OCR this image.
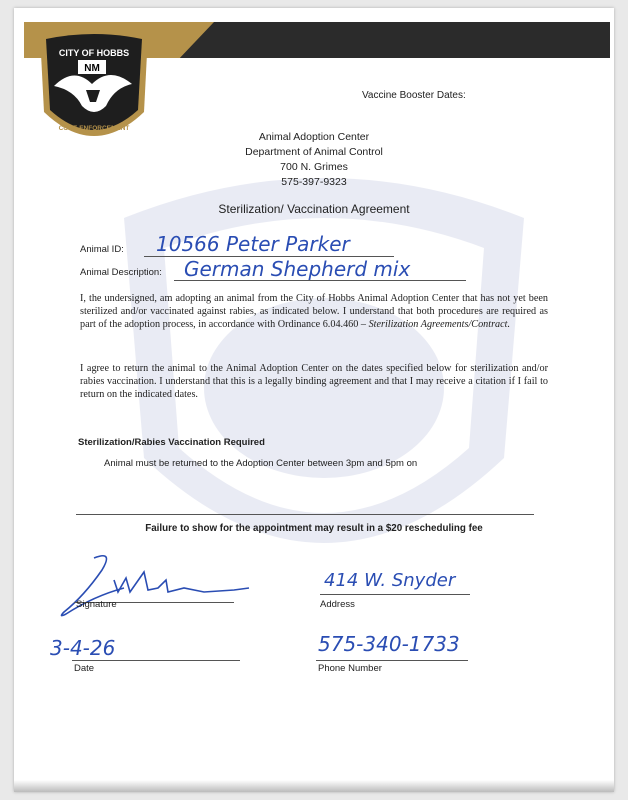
CITY OF HOBBS
NM
CODE ENFORCEMENT
Vaccine Booster Dates:
Animal Adoption Center
Department of Animal Control
700 N. Grimes
575-397-9323
Sterilization/ Vaccination Agreement
Animal ID: 10566 Peter Parker
Animal Description: German Shepherd mix
I, the undersigned, am adopting an animal from the City of Hobbs Animal Adoption Center that has not yet been sterilized and/or vaccinated against rabies, as indicated below. I understand that both procedures are required as part of the adoption process, in accordance with Ordinance 6.04.460 – Sterilization Agreements/Contract.
I agree to return the animal to the Animal Adoption Center on the dates specified below for sterilization and/or rabies vaccination. I understand that this is a legally binding agreement and that I may receive a citation if I fail to return on the indicated dates.
Sterilization/Rabies Vaccination Required
Animal must be returned to the Adoption Center between 3pm and 5pm on
Failure to show for the appointment may result in a $20 rescheduling fee
Signature
414 W. Snyder
Address
3-4-26
Date
575-340-1733
Phone Number
